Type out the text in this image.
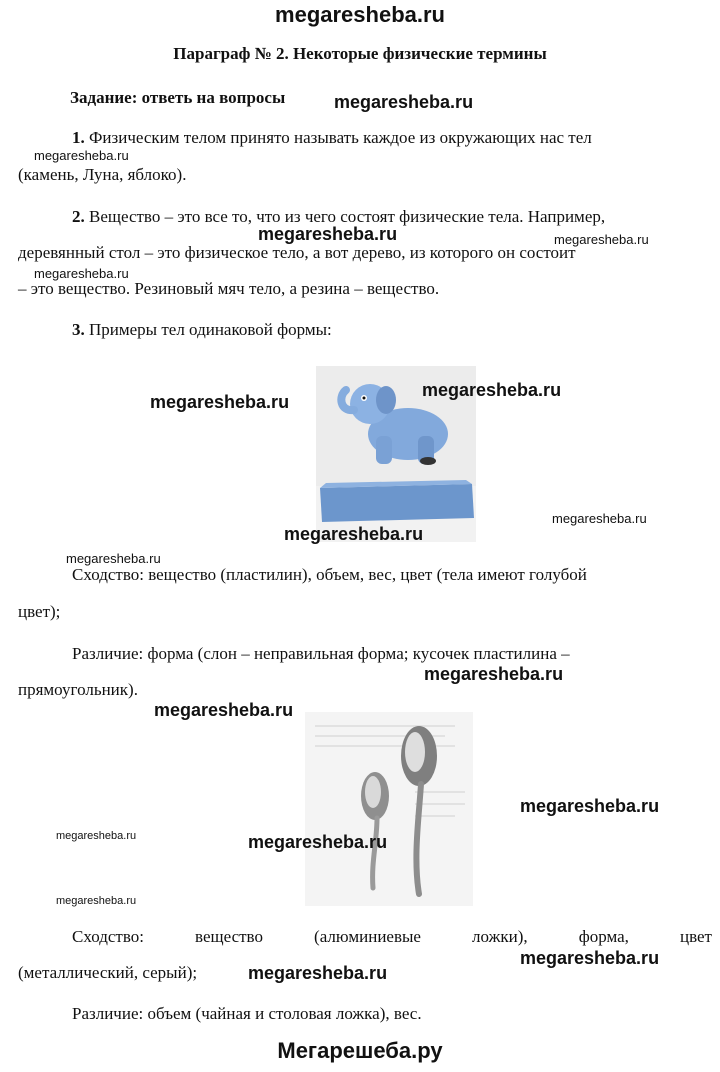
megaresheba.ru
Параграф № 2. Некоторые физические термины
Задание: ответь на вопросы
1. Физическим телом принято называть каждое из окружающих нас тел
(камень, Луна, яблоко).
2. Вещество – это все то, что из чего состоят физические тела. Например,
деревянный стол – это физическое тело, а вот дерево, из которого он состоит
– это вещество. Резиновый мяч тело, а резина – вещество.
3. Примеры тел одинаковой формы:
Сходство: вещество (пластилин), объем, вес, цвет (тела имеют голубой
цвет);
Различие: форма (слон – неправильная форма; кусочек пластилина –
прямоугольник).
Сходство:	вещество	(алюминиевые	ложки),	форма,	цвет
(металлический, серый);
Различие: объем (чайная и столовая ложка), вес.
megaresheba.ru
megaresheba.ru
megaresheba.ru	megaresheba.ru
megaresheba.ru
megaresheba.ru
megaresheba.ru
megaresheba.ru
megaresheba.ru
megaresheba.ru
megaresheba.ru
megaresheba.ru
megaresheba.ru
megaresheba.ru	megaresheba.ru
megaresheba.ru
megaresheba.ru
megaresheba.ru
Мегарешеба.ру
